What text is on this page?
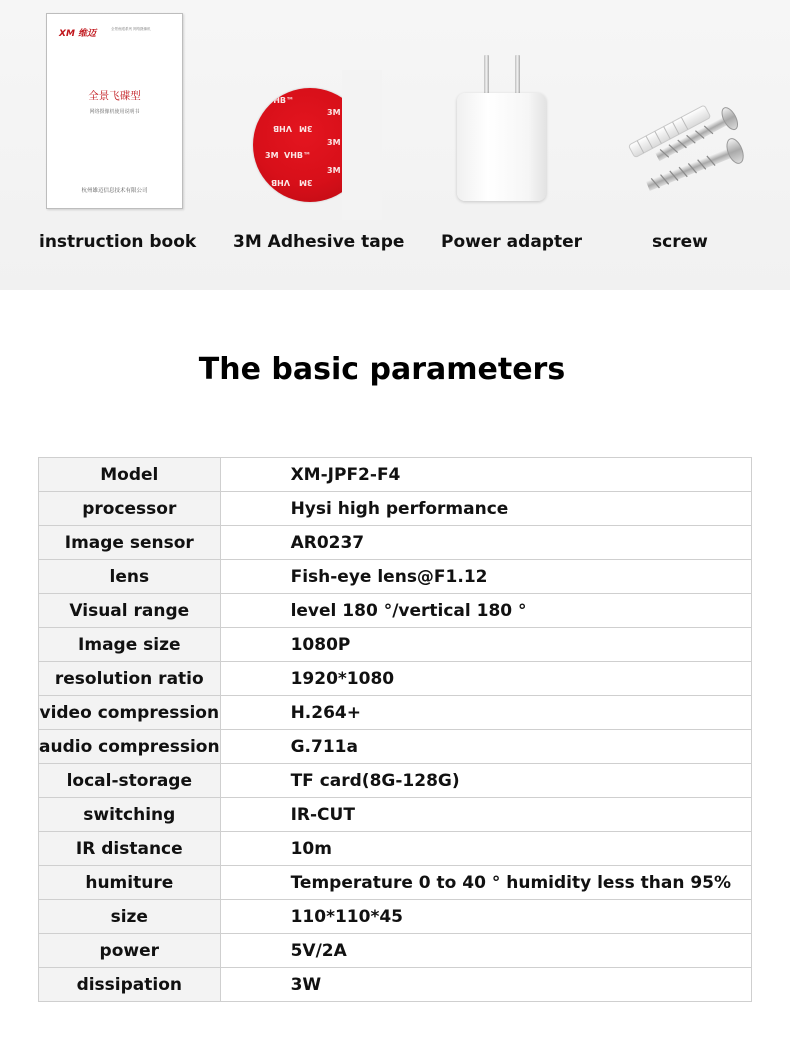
XM 维迈	全景鱼眼系列 网络摄像机
全景飞碟型
网络摄像机使用说明书
杭州雄迈信息技术有限公司
instruction book
VHB™
3M
VHB 3M
3M
3M VHB™
3M
VHB 3M
3M Adhesive tape Power adapter	screw
The basic parameters
Model	XM-JPF2-F4
processor	Hysi high performance
Image sensor	AR0237
lens	Fish-eye lens@F1.12
Visual range	level 180 °/vertical 180 °
Image size	1080P
resolution ratio	1920*1080
video compression	H.264+
audio compression	G.711a
local-storage	TF card(8G-128G)
switching	IR-CUT
IR distance	10m
humiture	Temperature 0 to 40 ° humidity less than 95%
size	110*110*45
power	5V/2A
dissipation	3W
